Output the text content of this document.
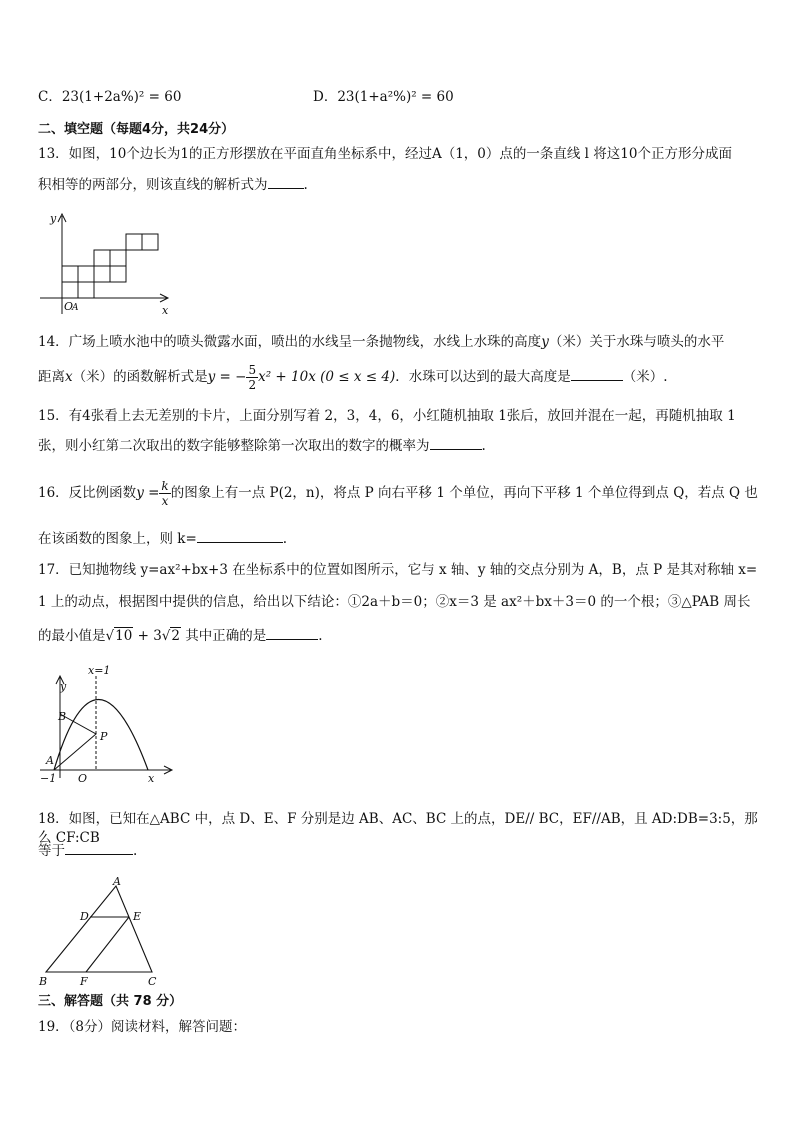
C．23(1+2a%)² = 60	D．23(1+a²%)² = 60
二、填空题（每题4分，共24分）
13．如图，10个边长为1的正方形摆放在平面直角坐标系中，经过A（1，0）点的一条直线 l 将这10个正方形分成面
积相等的两部分，则该直线的解析式为	.
y
x
O
A
14．广场上喷水池中的喷头微露水面，喷出的水线呈一条抛物线，水线上水珠的高度y（米）关于水珠与喷头的水平
距离x（米）的函数解析式是y = − $\frac{5}{2} x^2 + 10x$ (0 ≤ x ≤ 4)．水珠可以达到的最大高度是	（米）.
15．有4张看上去无差别的卡片，上面分别写着 2，3，4，6，小红随机抽取 1张后，放回并混在一起，再随机抽取 1
张，则小红第二次取出的数字能够整除第一次取出的数字的概率为	.
16．反比例函数$y = \frac{k}{x}$ 的图象上有一点 P(2，n)，将点 P 向右平移 1 个单位，再向下平移 1 个单位得到点 Q，若点 Q 也
在该函数的图象上，则 k=	.
17．已知抛物线 y=ax²+bx+3 在坐标系中的位置如图所示，它与 x 轴、y 轴的交点分别为 A，B，点 P 是其对称轴 x=
1 上的动点，根据图中提供的信息，给出以下结论：①2a＋b＝0；②x＝3 是 ax²＋bx＋3＝0 的一个根；③△PAB 周长
的最小值是√10 + 3√2 其中正确的是	.
x=1
y
B
P
A
−1 O	x
18．如图，已知在△ABC 中，点 D、E、F 分别是边 AB、AC、BC 上的点，DE// BC，EF//AB，且 AD:DB=3:5，那么 CF:CB
等于	.
A
D	E
B	F	C
三、解答题（共 78 分）
19．（8分）阅读材料，解答问题：
